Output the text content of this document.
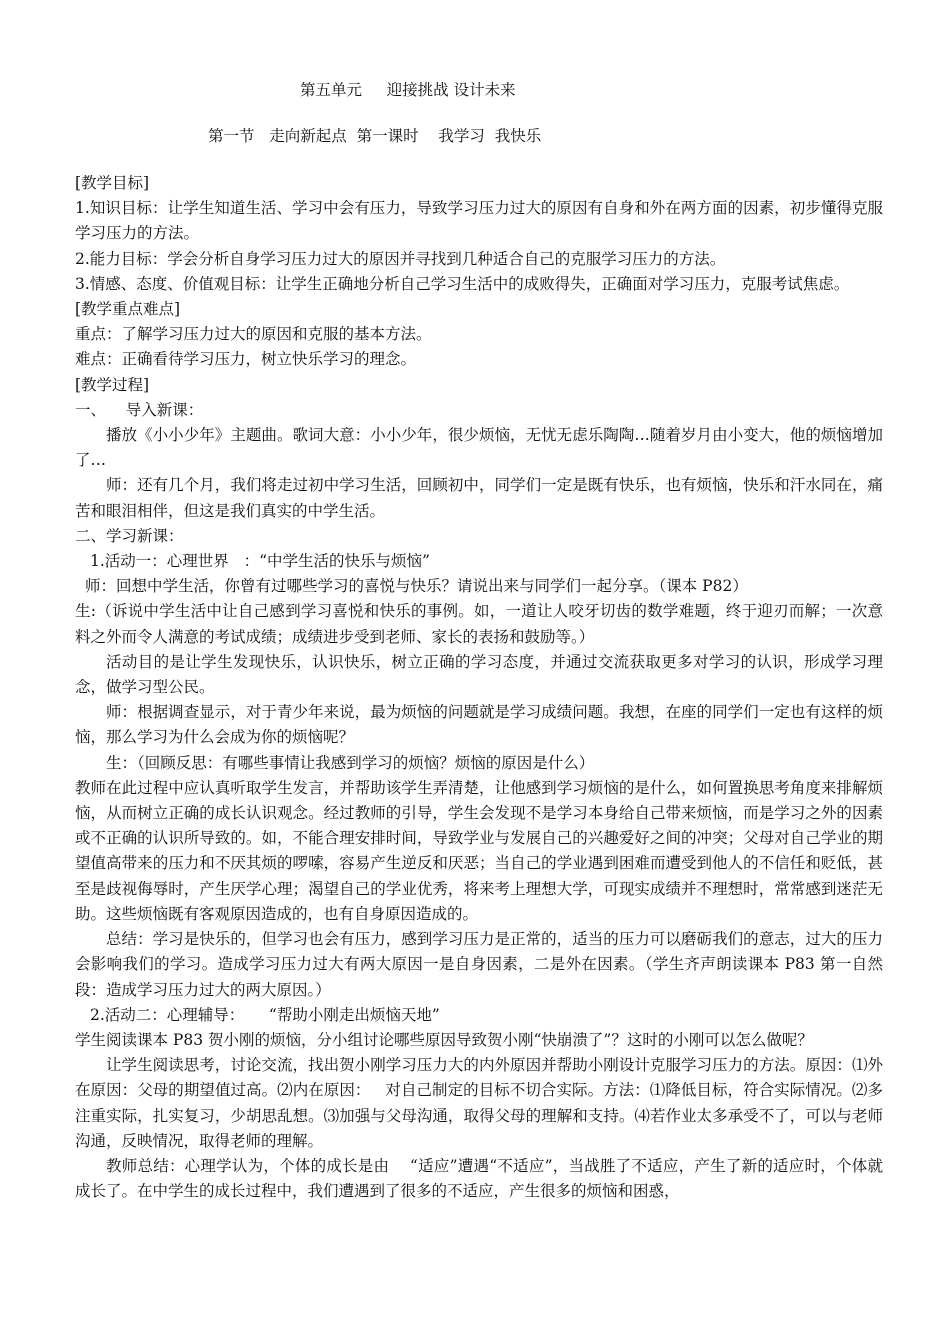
第五单元     迎接挑战 设计未来
第一节   走向新起点  第一课时    我学习  我快乐

[教学目标]

1.知识目标：让学生知道生活、学习中会有压力，导致学习压力过大的原因有自身和外在两方面的因素，初步懂得克服学习压力的方法。

2.能力目标：学会分析自身学习压力过大的原因并寻找到几种适合自己的克服学习压力的方法。

3.情感、态度、价值观目标：让学生正确地分析自己学习生活中的成败得失，正确面对学习压力，克服考试焦虑。

[教学重点难点]

重点：了解学习压力过大的原因和克服的基本方法。

难点：正确看待学习压力，树立快乐学习的理念。

[教学过程]

一、    导入新课：

播放《小小少年》主题曲。歌词大意：小小少年，很少烦恼，无忧无虑乐陶陶…随着岁月由小变大，他的烦恼增加了…

师：还有几个月，我们将走过初中学习生活，回顾初中，同学们一定是既有快乐，也有烦恼，快乐和汗水同在，痛苦和眼泪相伴，但这是我们真实的中学生活。

二、学习新课：

1.活动一：心理世界   ：“中学生活的快乐与烦恼”

师：回想中学生活，你曾有过哪些学习的喜悦与快乐？请说出来与同学们一起分享。（课本 P82）

生:（诉说中学生活中让自己感到学习喜悦和快乐的事例。如，一道让人咬牙切齿的数学难题，终于迎刃而解；一次意料之外而令人满意的考试成绩；成绩进步受到老师、家长的表扬和鼓励等。）

活动目的是让学生发现快乐，认识快乐，树立正确的学习态度，并通过交流获取更多对学习的认识，形成学习理念，做学习型公民。

师：根据调查显示，对于青少年来说，最为烦恼的问题就是学习成绩问题。我想，在座的同学们一定也有这样的烦恼，那么学习为什么会成为你的烦恼呢？

生：（回顾反思：有哪些事情让我感到学习的烦恼？烦恼的原因是什么）

教师在此过程中应认真听取学生发言，并帮助该学生弄清楚，让他感到学习烦恼的是什么，如何置换思考角度来排解烦恼，从而树立正确的成长认识观念。经过教师的引导，学生会发现不是学习本身给自己带来烦恼，而是学习之外的因素或不正确的认识所导致的。如，不能合理安排时间，导致学业与发展自己的兴趣爱好之间的冲突；父母对自己学业的期望值高带来的压力和不厌其烦的啰嗦，容易产生逆反和厌恶；当自己的学业遇到困难而遭受到他人的不信任和贬低，甚至是歧视侮辱时，产生厌学心理；渴望自己的学业优秀，将来考上理想大学，可现实成绩并不理想时，常常感到迷茫无助。这些烦恼既有客观原因造成的，也有自身原因造成的。

总结：学习是快乐的，但学习也会有压力，感到学习压力是正常的，适当的压力可以磨砺我们的意志，过大的压力会影响我们的学习。造成学习压力过大有两大原因一是自身因素，二是外在因素。（学生齐声朗读课本 P83 第一自然段：造成学习压力过大的两大原因。）

2.活动二：心理辅导：     “帮助小刚走出烦恼天地”

学生阅读课本 P83 贺小刚的烦恼，分小组讨论哪些原因导致贺小刚“快崩溃了”？这时的小刚可以怎么做呢？

让学生阅读思考，讨论交流，找出贺小刚学习压力大的内外原因并帮助小刚设计克服学习压力的方法。原因：⑴外在原因：父母的期望值过高。⑵内在原因：   对自己制定的目标不切合实际。方法：⑴降低目标，符合实际情况。⑵多注重实际，扎实复习，少胡思乱想。⑶加强与父母沟通，取得父母的理解和支持。⑷若作业太多承受不了，可以与老师沟通，反映情况，取得老师的理解。

教师总结：心理学认为，个体的成长是由    “适应”遭遇“不适应”，当战胜了不适应，产生了新的适应时，个体就成长了。在中学生的成长过程中，我们遭遇到了很多的不适应，产生很多的烦恼和困惑，
